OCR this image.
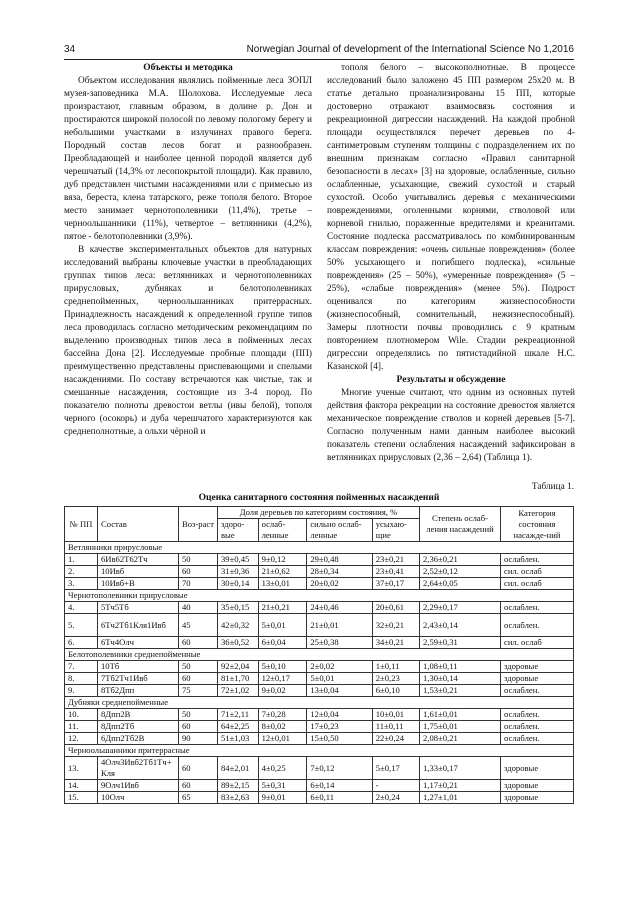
34	Norwegian Journal of development of the International Science No 1,2016
Объекты и методика

Объектом исследования являлись пойменные леса ЗОПЛ музея-заповедника М.А. Шолохова. Исследуемые леса произрастают, главным образом, в долине р. Дон и простираются широкой полосой по левому пологому берегу и небольшими участками в излучинах правого берега. Породный состав лесов богат и разнообразен. Преобладающей и наиболее ценной породой является дуб черешчатый (14,3% от лесопокрытой площади). Как правило, дуб представлен чистыми насаждениями или с примесью из вяза, береста, клена татарского, реже тополя белого. Второе место занимает чернотополевники (11,4%), третье – черноольшанники (11%), четвертое – ветлянники (4,2%), пятое - белотополевники (3,9%).

В качестве экспериментальных объектов для натурных исследований выбраны ключевые участки в преобладающих группах типов леса: ветлянниках и чернотополевниках прирусловых, дубняках и белотополевниках среднепойменных, черноольшанниках притеррасных. Принадлежность насаждений к определенной группе типов леса проводилась согласно методическим рекомендациям по выделению производных типов леса в пойменных лесах бассейна Дона [2]. Исследуемые пробные площади (ПП) преимущественно представлены приспевающими и спелыми насаждениями. По составу встречаются как чистые, так и смешанные насаждения, состоящие из 3-4 пород. По показателю полноты древостои ветлы (ивы белой), тополя черного (осокорь) и дуба черешчатого характеризуются как среднеполнотные, а ольхи чёрной и

тополя белого – высокополнотные. В процессе исследований было заложено 45 ПП размером 25x20 м. В статье детально проанализированы 15 ПП, которые достоверно отражают взаимосвязь состояния и рекреационной дигрессии насаждений. На каждой пробной площади осуществлялся перечет деревьев по 4-сантиметровым ступеням толщины с подразделением их по внешним признакам согласно «Правил санитарной безопасности в лесах» [3] на здоровые, ослабленные, сильно ослабленные, усыхающие, свежий сухостой и старый сухостой. Особо учитывались деревья с механическими повреждениями, оголенными корнями, стволовой или корневой гнилью, пораженные вредителями и креанитами. Состояние подлеска рассматривалось по комбинированным классам повреждения: «очень сильные повреждения» (более 50% усыхающего и погибшего подлеска), «сильные повреждения» (25 – 50%), «умеренные повреждения» (5 – 25%), «слабые повреждения» (менее 5%). Подрост оценивался по категориям жизнеспособности (жизнеспособный, сомнительный, нежизнеспособный). Замеры плотности почвы проводились с 9 кратным повторением плотномером Wile. Стадии рекреационной дигрессии определялись по пятистадийной шкале Н.С. Казанской [4].

Результаты и обсуждение

Многие ученые считают, что одним из основных путей действия фактора рекреации на состояние древостоя является механическое повреждение стволов и корней деревьев [5-7]. Согласно полученным нами данным наиболее высокий показатель степени ослабления насаждений зафиксирован в ветлянниках прирусловых (2,36 – 2,64) (Таблица 1).

Таблица 1.
Оценка санитарного состояния пойменных насаждений
№ ПП	Состав	Воз-раст	Доля деревьев по категориям состояния, %				Степень ослаб-ления насаждений	Категория состояния насажде-ний
			здоро-вые	ослаб-ленные	сильно ослаб-ленные	усыхаю-щие		
Ветлянники прирусловые								
1.	6Ив62Т62Тч	50	39±0,45	9±0,12	29±0,48	23±0,21	2,36±0,21	ослаблен.
2.	10Ивб	60	31±0,36	21±0,62	28±0,34	23±0,41	2,52±0,12	сил. ослаб
3.	10Ивб+В	70	30±0,14	13±0,01	20±0,02	37±0,17	2,64±0,05	сил. ослаб
Чернотополевники прирусловые								
4.	5Тч5Тб	40	35±0,15	21±0,21	24±0,46	20±0,61	2,29±0,17	ослаблен.
5.	6Тч2Тб1Кля1Ивб	45	42±0,32	5±0,01	21±0,01	32±0,21	2,43±0,14	ослаблен.
6.	6Тч4Олч	60	36±0,52	6±0,04	25±0,38	34±0,21	2,59±0,31	сил. ослаб
Белотополевники среднепойменные								
7.	10Тб	50	92±2,04	5±0,10	2±0,02	1±0,11	1,08±0,11	здоровые
8.	7Тб2Тч1Ивб	60	81±1,70	12±0,17	5±0,01	2±0,23	1,30±0,14	здоровые
9.	8Тб2Дпп	75	72±1,02	9±0,02	13±0,04	6±0,10	1,53±0,21	ослаблен.
Дубняки среднепойменные								
10.	8Дпп2В	50	71±2,11	7±0,28	12±0,04	10±0,01	1,61±0,01	ослаблен.
11.	8Дпп2Тб	60	64±2,25	8±0,02	17±0,23	11±0,11	1,75±0,01	ослаблен.
12.	6Дпп2Тб2В	90	51±1,03	12±0,01	15±0,50	22±0,24	2,08±0,21	ослаблен.
Черноольшанники притеррасные								
13.	4Олч3Ивб2Тб1Тч+Кля	60	84±2,01	4±0,25	7±0,12	5±0,17	1,33±0,17	здоровые
14.	9Олч1Ивб	60	89±2,15	5±0,31	6±0,14	-	1,17±0,21	здоровые
15.	10Олч	65	83±2,63	9±0,01	6±0,11	2±0,24	1,27±1,01	здоровые
